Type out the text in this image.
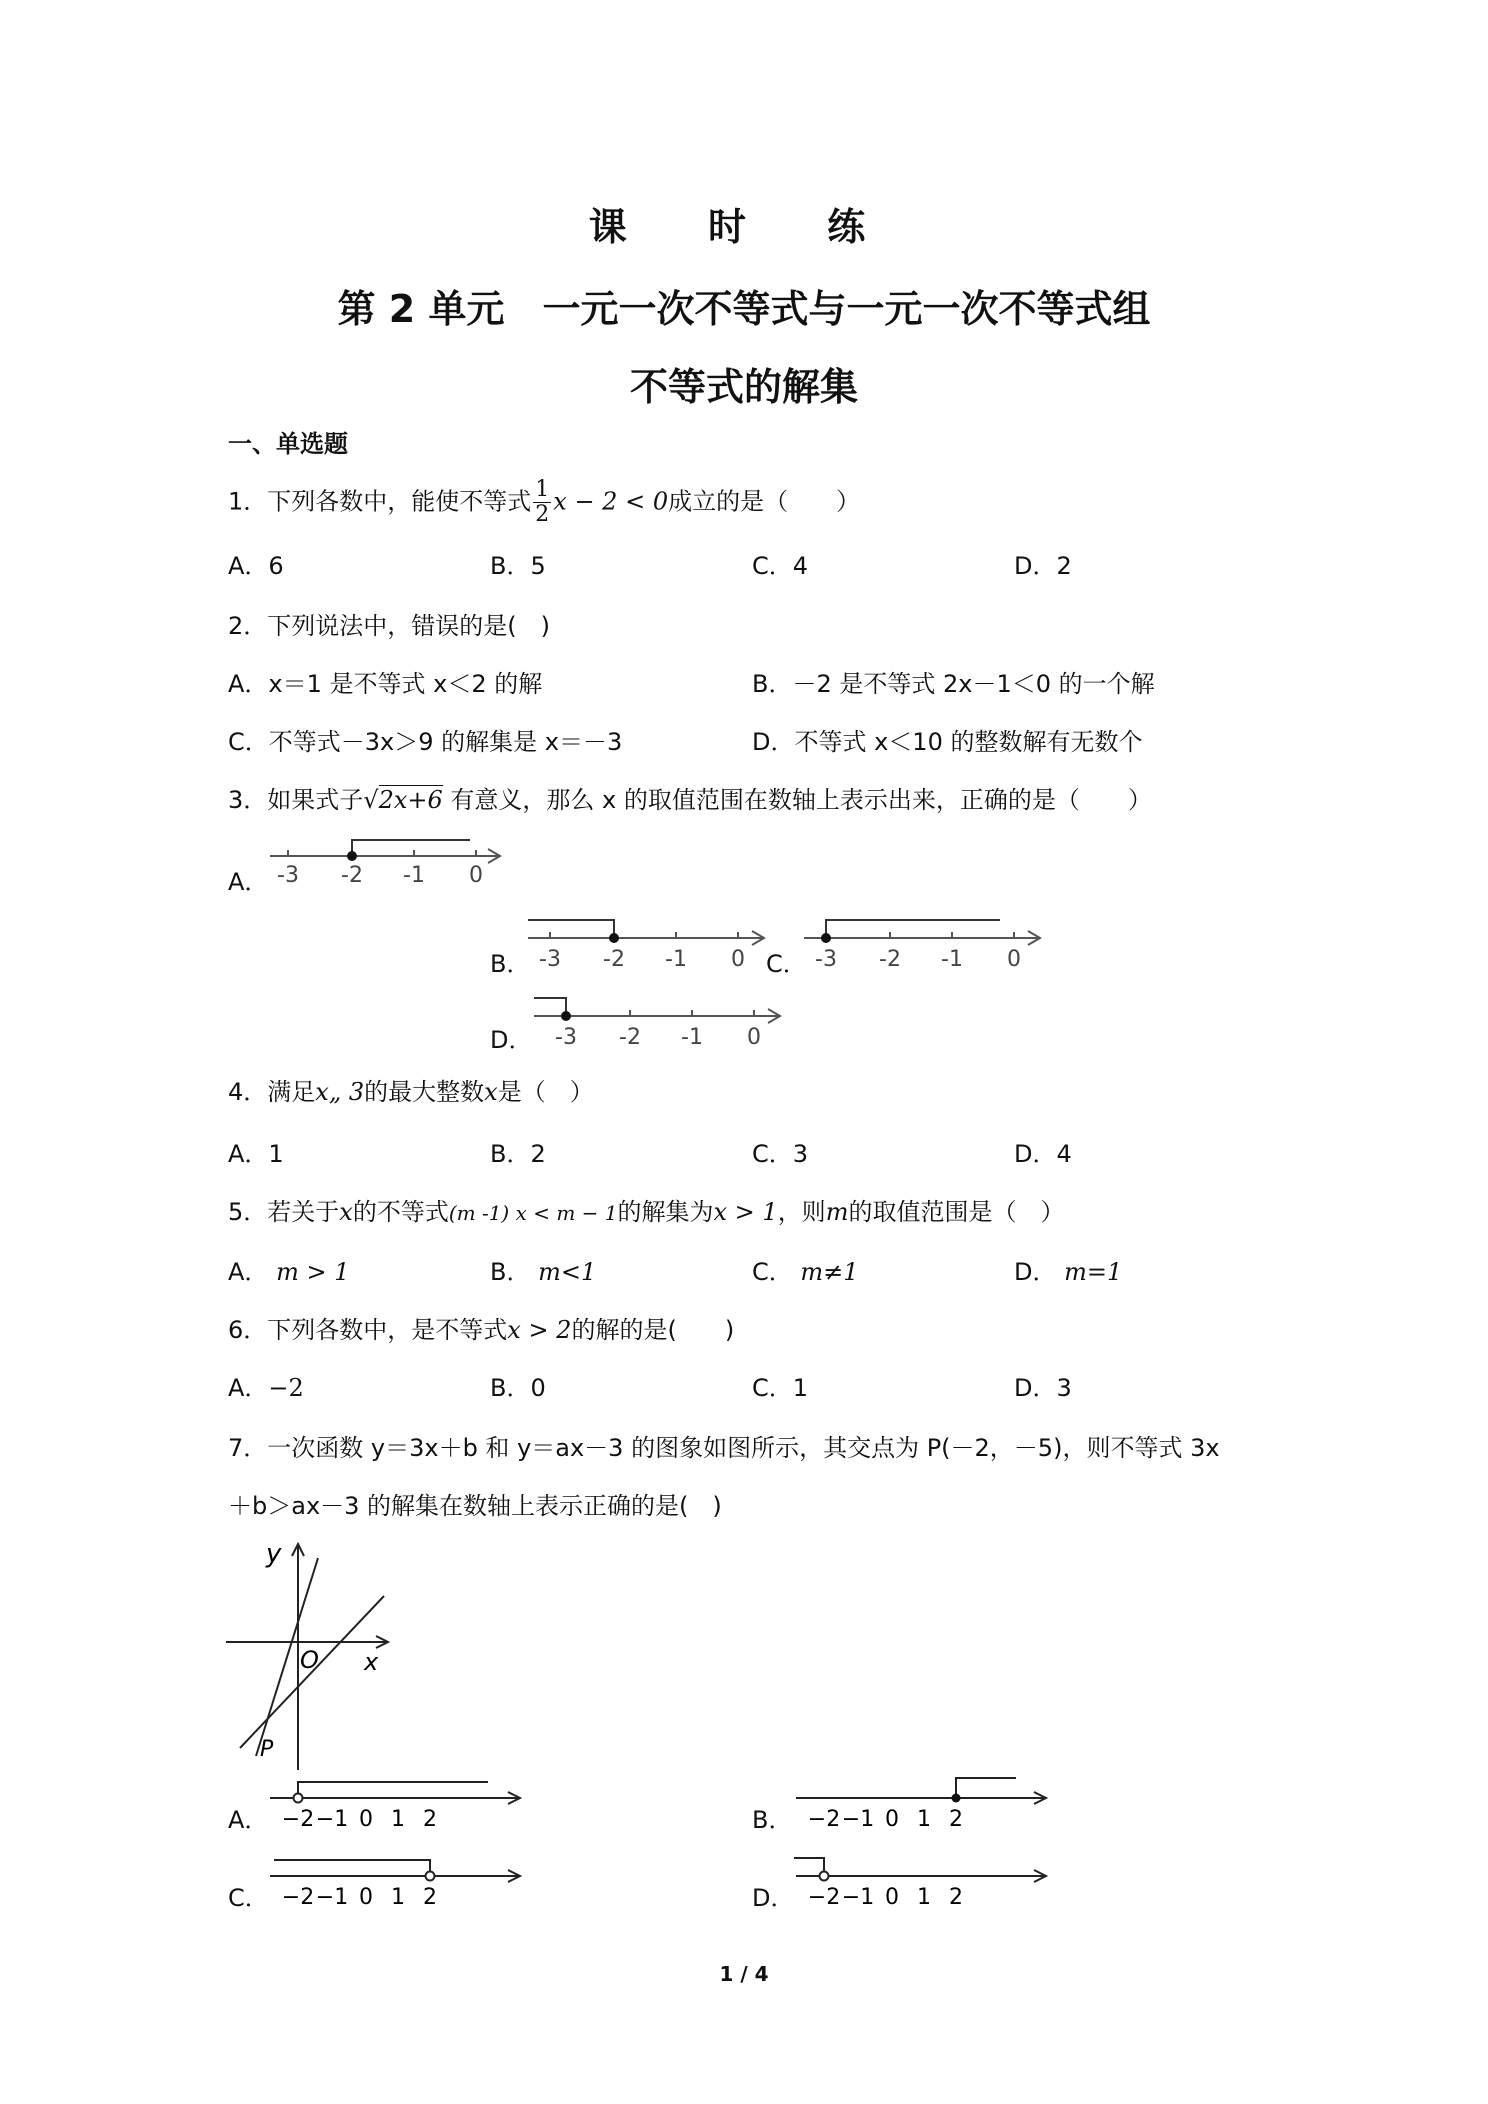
课 时 练
第 2 单元　一元一次不等式与一元一次不等式组
不等式的解集
一、单选题
1．下列各数中，能使不等式 $\frac{1}{2}$ x − 2 < 0成立的是（　　）
A．6	B．5	C．4	D．2
2．下列说法中，错误的是(　)
A．x＝1 是不等式 x＜2 的解	B．－2 是不等式 2x－1＜0 的一个解
C．不等式－3x＞9 的解集是 x＝－3	D．不等式 x＜10 的整数解有无数个
3．如果式子√2x+6 有意义，那么 x 的取值范围在数轴上表示出来，正确的是（　　）
A． -3 -2 -1 0
B． -3 -2 -1 0 C． -3 -2 -1 0
D． -3 -2 -1 0
4．满足x„ 3的最大整数x是（　）
A．1	B．2	C．3	D．4
5．若关于x的不等式(m -1) x < m − 1的解集为x > 1，则m的取值范围是（　）
A． m > 1	B． m<1	C． m≠1	D． m=1
6．下列各数中，是不等式x > 2的解的是(　　)
A．−2	B．0	C．1	D．3
7．一次函数 y＝3x＋b 和 y＝ax－3 的图象如图所示，其交点为 P(－2，－5)，则不等式 3x
＋b＞ax－3 的解集在数轴上表示正确的是(　)
y
x
O
P
A． −2 −1 0 1 2	B． −2 −1 0 1 2
C． −2 −1 0 1 2	D． −2 −1 0 1 2
1 / 4
